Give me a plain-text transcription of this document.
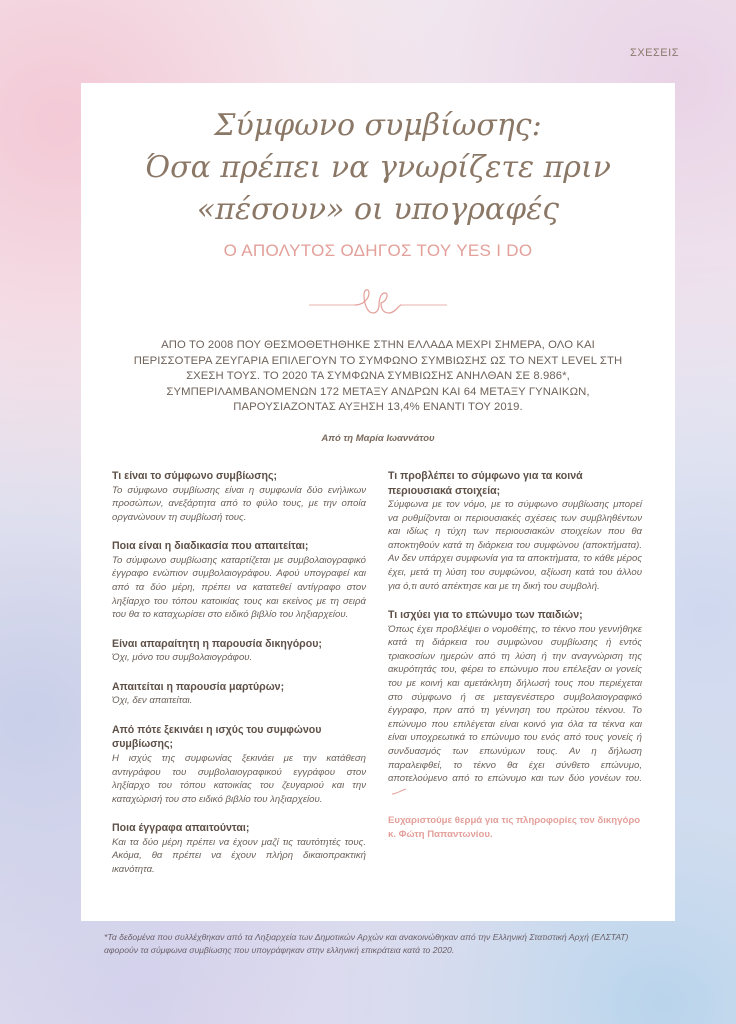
ΣΧΕΣΕΙΣ
Σύμφωνο συμβίωσης:
Όσα πρέπει να γνωρίζετε πριν
«πέσουν» οι υπογραφές

Ο ΑΠΟΛΥΤΟΣ ΟΔΗΓΟΣ ΤΟΥ YES I DO

ΑΠΟ ΤΟ 2008 ΠΟΥ ΘΕΣΜΟΘΕΤΗΘΗΚΕ ΣΤΗΝ ΕΛΛΑΔΑ ΜΕΧΡΙ ΣΗΜΕΡΑ, ΟΛΟ ΚΑΙ ΠΕΡΙΣΣΟΤΕΡΑ ΖΕΥΓΑΡΙΑ ΕΠΙΛΕΓΟΥΝ ΤΟ ΣΥΜΦΩΝΟ ΣΥΜΒΙΩΣΗΣ ΩΣ ΤΟ NEXT LEVEL ΣΤΗ ΣΧΕΣΗ ΤΟΥΣ. ΤΟ 2020 ΤΑ ΣΥΜΦΩΝΑ ΣΥΜΒΙΩΣΗΣ ΑΝΗΛΘΑΝ ΣΕ 8.986*, ΣΥΜΠΕΡΙΛΑΜΒΑΝΟΜΕΝΩΝ 172 ΜΕΤΑΞΥ ΑΝΔΡΩΝ ΚΑΙ 64 ΜΕΤΑΞΥ ΓΥΝΑΙΚΩΝ, ΠΑΡΟΥΣΙΑΖΟΝΤΑΣ ΑΥΞΗΣΗ 13,4% ΕΝΑΝΤΙ ΤΟΥ 2019.

Από τη Μαρία Ιωαννάτου

Τι είναι το σύμφωνο συμβίωσης;

Το σύμφωνο συμβίωσης είναι η συμφωνία δύο ενήλικων προσώπων, ανεξάρτητα από το φύλο τους, με την οποία οργανώνουν τη συμβίωσή τους.

Ποια είναι η διαδικασία που απαιτείται;

Το σύμφωνο συμβίωσης καταρτίζεται με συμβολαιογραφικό έγγραφο ενώπιον συμβολαιογράφου. Αφού υπογραφεί και από τα δύο μέρη, πρέπει να κατατεθεί αντίγραφο στον ληξίαρχο του τόπου κατοικίας τους και εκείνος με τη σειρά του θα το καταχωρίσει στο ειδικό βιβλίο του ληξιαρχείου.

Είναι απαραίτητη η παρουσία δικηγόρου;

Όχι, μόνο του συμβολαιογράφου.

Απαιτείται η παρουσία μαρτύρων;

Όχι, δεν απαιτείται.

Από πότε ξεκινάει η ισχύς του συμφώνου συμβίωσης;

Η ισχύς της συμφωνίας ξεκινάει με την κατάθεση αντιγράφου του συμβολαιογραφικού εγγράφου στον ληξίαρχο του τόπου κατοικίας του ζευγαριού και την καταχώρισή του στο ειδικό βιβλίο του ληξιαρχείου.

Ποια έγγραφα απαιτούνται;

Και τα δύο μέρη πρέπει να έχουν μαζί τις ταυτότητές τους. Ακόμα, θα πρέπει να έχουν πλήρη δικαιοπρακτική ικανότητα.

Τι προβλέπει το σύμφωνο για τα κοινά περιουσιακά στοιχεία;

Σύμφωνα με τον νόμο, με το σύμφωνο συμβίωσης μπορεί να ρυθμίζονται οι περιουσιακές σχέσεις των συμβληθέντων και ιδίως η τύχη των περιουσιακών στοιχείων που θα αποκτηθούν κατά τη διάρκεια του συμφώνου (αποκτήματα). Αν δεν υπάρχει συμφωνία για τα αποκτήματα, το κάθε μέρος έχει, μετά τη λύση του συμφώνου, αξίωση κατά του άλλου για ό,τι αυτό απέκτησε και με τη δική του συμβολή.

Τι ισχύει για το επώνυμο των παιδιών;

Όπως έχει προβλέψει ο νομοθέτης, το τέκνο που γεννήθηκε κατά τη διάρκεια του συμφώνου συμβίωσης ή εντός τριακοσίων ημερών από τη λύση ή την αναγνώριση της ακυρότητάς του, φέρει το επώνυμο που επέλεξαν οι γονείς του με κοινή και αμετάκλητη δήλωσή τους που περιέχεται στο σύμφωνο ή σε μεταγενέστερο συμβολαιογραφικό έγγραφο, πριν από τη γέννηση του πρώτου τέκνου. Το επώνυμο που επιλέγεται είναι κοινό για όλα τα τέκνα και είναι υποχρεωτικά το επώνυμο του ενός από τους γονείς ή συνδυασμός των επωνύμων τους. Αν η δήλωση παραλειφθεί, το τέκνο θα έχει σύνθετο επώνυμο, αποτελούμενο από το επώνυμο και των δύο γονέων του.

Ευχαριστούμε θερμά για τις πληροφορίες τον δικηγόρο κ. Φώτη Παπαντωνίου.

*Τα δεδομένα που συλλέχθηκαν από τα Ληξιαρχεία των Δημοτικών Αρχών και ανακοινώθηκαν από την Ελληνική Στατιστική Αρχή (ΕΛΣΤΑΤ) αφορούν τα σύμφωνα συμβίωσης που υπογράφηκαν στην ελληνική επικράτεια κατά το 2020.
